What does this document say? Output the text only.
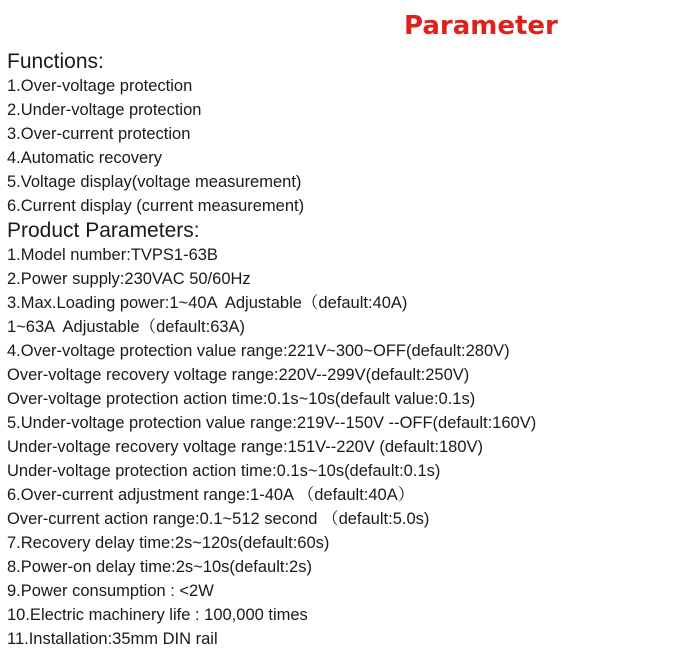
Parameter
Functions:
1.Over-voltage protection
2.Under-voltage protection
3.Over-current protection
4.Automatic recovery
5.Voltage display(voltage measurement)
6.Current display (current measurement)
Product Parameters:
1.Model number:TVPS1-63B
2.Power supply:230VAC 50/60Hz
3.Max.Loading power:1~40A  Adjustable（default:40A)
1~63A  Adjustable（default:63A)
4.Over-voltage protection value range:221V~300~OFF(default:280V)
Over-voltage recovery voltage range:220V--299V(default:250V)
Over-voltage protection action time:0.1s~10s(default value:0.1s)
5.Under-voltage protection value range:219V--150V --OFF(default:160V)
Under-voltage recovery voltage range:151V--220V (default:180V)
Under-voltage protection action time:0.1s~10s(default:0.1s)
6.Over-current adjustment range:1-40A （default:40A）
Over-current action range:0.1~512 second （default:5.0s)
7.Recovery delay time:2s~120s(default:60s)
8.Power-on delay time:2s~10s(default:2s)
9.Power consumption : <2W
10.Electric machinery life : 100,000 times
11.Installation:35mm DIN rail
